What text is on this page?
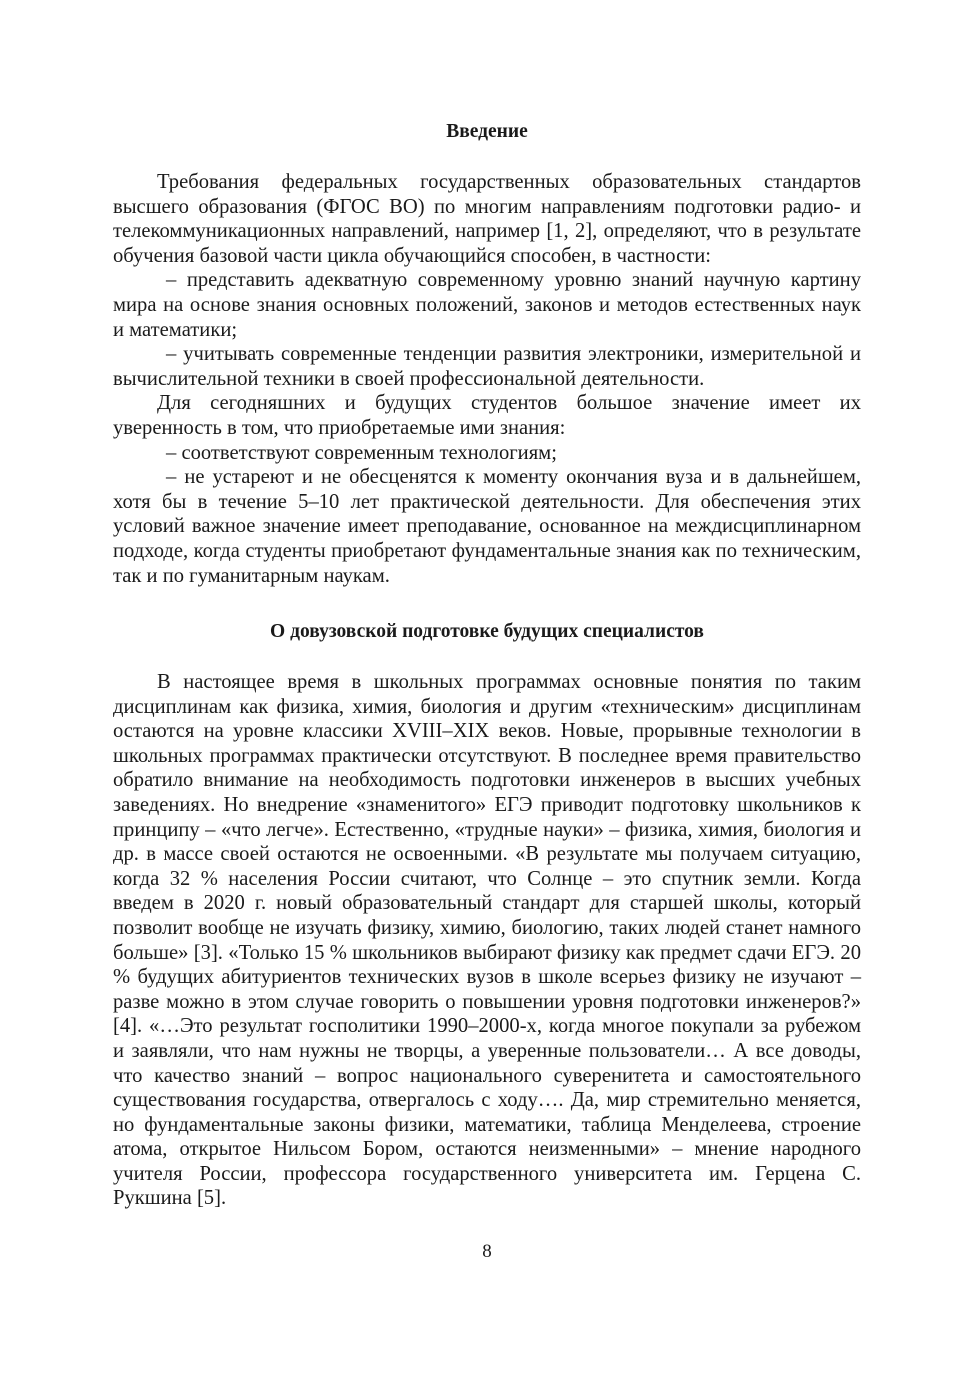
Введение

Требования федеральных государственных образовательных стандартов высшего образования (ФГОС ВО) по многим направлениям подготовки радио- и телекоммуникационных направлений, например [1, 2], определяют, что в результате обучения базовой части цикла обучающийся способен, в частности:

– представить адекватную современному уровню знаний научную картину мира на основе знания основных положений, законов и методов естественных наук и математики;

– учитывать современные тенденции развития электроники, измерительной и вычислительной техники в своей профессиональной деятельности.

Для сегодняшних и будущих студентов большое значение имеет их уверенность в том, что приобретаемые ими знания:

– соответствуют современным технологиям;

– не устареют и не обесценятся к моменту окончания вуза и в дальнейшем, хотя бы в течение 5–10 лет практической деятельности. Для обеспечения этих условий важное значение имеет преподавание, основанное на междисциплинарном подходе, когда студенты приобретают фундаментальные знания как по техническим, так и по гуманитарным наукам.

О довузовской подготовке будущих специалистов

В настоящее время в школьных программах основные понятия по таким дисциплинам как физика, химия, биология и другим «техническим» дисциплинам остаются на уровне классики XVIII–XIX веков. Новые, прорывные технологии в школьных программах практически отсутствуют. В последнее время правительство обратило внимание на необходимость подготовки инженеров в высших учебных заведениях. Но внедрение «знаменитого» ЕГЭ приводит подготовку школьников к принципу – «что легче». Естественно, «трудные науки» – физика, химия, биология и др. в массе своей остаются не освоенными. «В результате мы получаем ситуацию, когда 32 % населения России считают, что Солнце – это спутник земли. Когда введем в 2020 г. новый образовательный стандарт для старшей школы, который позволит вообще не изучать физику, химию, биологию, таких людей станет намного больше» [3]. «Только 15 % школьников выбирают физику как предмет сдачи ЕГЭ. 20 % будущих абитуриентов технических вузов в школе всерьез физику не изучают – разве можно в этом случае говорить о повышении уровня подготовки инженеров?» [4]. «…Это результат госполитики 1990–2000-х, когда многое покупали за рубежом и заявляли, что нам нужны не творцы, а уверенные пользователи… А все доводы, что качество знаний – вопрос национального суверенитета и самостоятельного существования государства, отвергалось с ходу…. Да, мир стремительно меняется, но фундаментальные законы физики, математики, таблица Менделеева, строение атома, открытое Нильсом Бором, остаются неизменными» – мнение народного учителя России, профессора государственного университета им. Герцена С. Рукшина [5].

8
